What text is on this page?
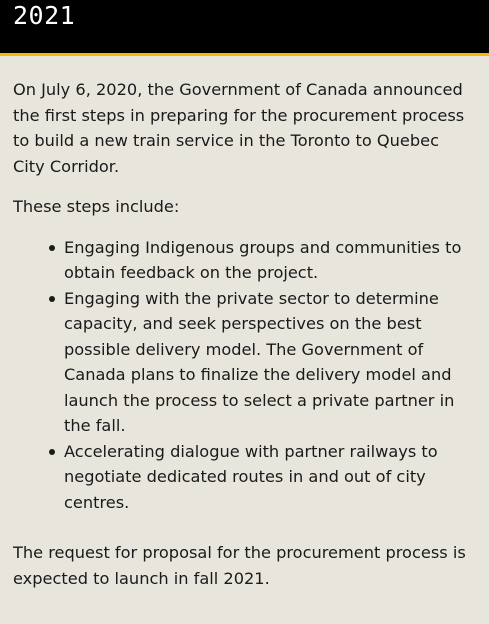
2021

On July 6, 2020, the Government of Canada announced the first steps in preparing for the procurement process to build a new train service in the Toronto to Quebec City Corridor.

These steps include:

Engaging Indigenous groups and communities to obtain feedback on the project.
Engaging with the private sector to determine capacity, and seek perspectives on the best possible delivery model. The Government of Canada plans to finalize the delivery model and launch the process to select a private partner in the fall.
Accelerating dialogue with partner railways to negotiate dedicated routes in and out of city centres.

The request for proposal for the procurement process is expected to launch in fall 2021.
